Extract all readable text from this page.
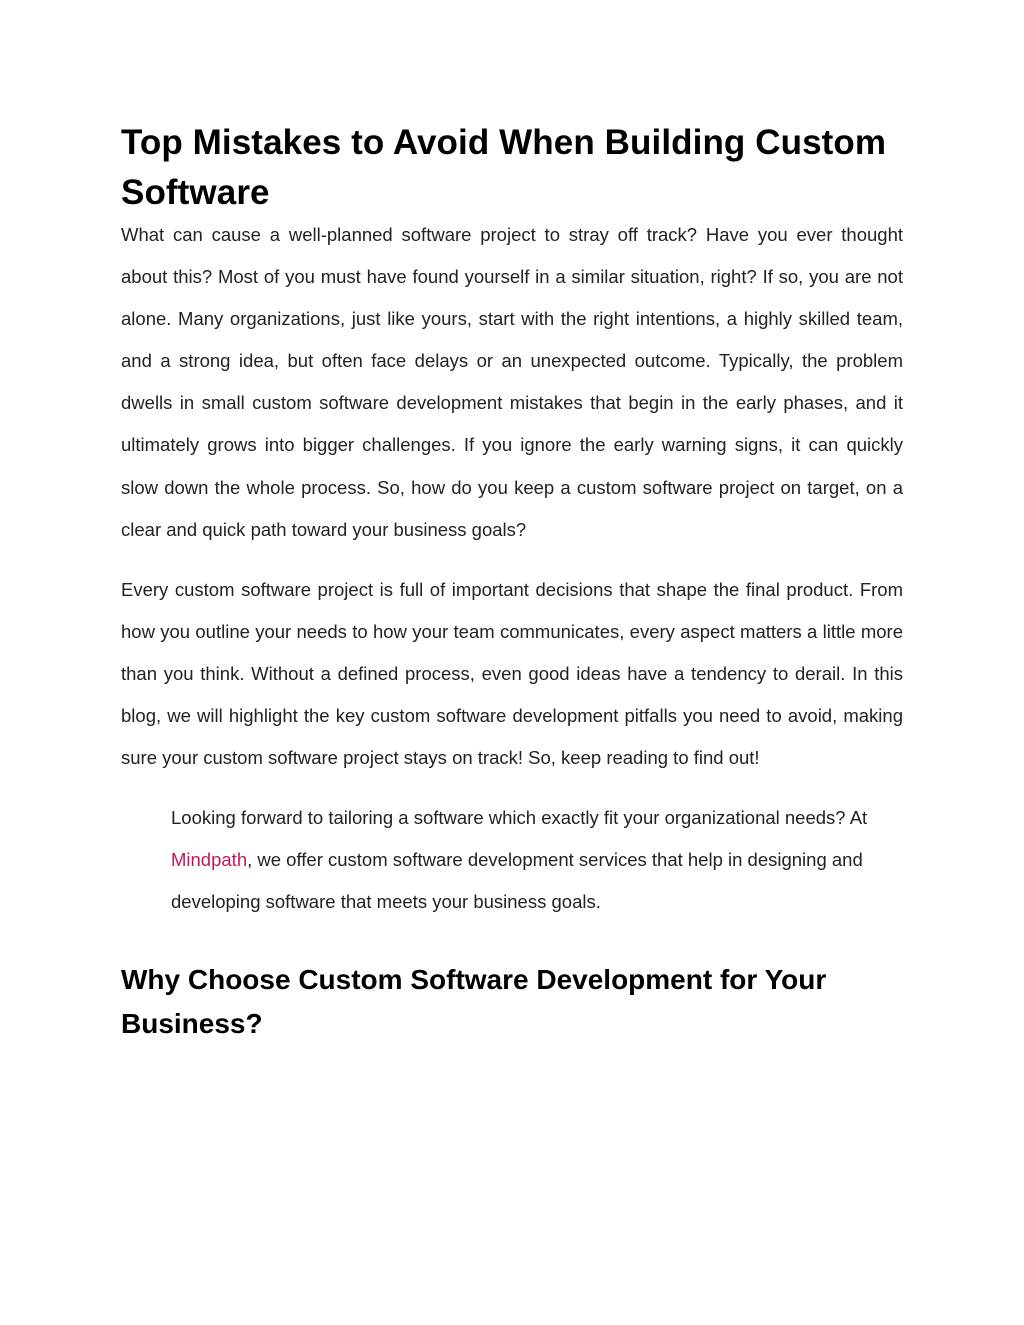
Top Mistakes to Avoid When Building Custom Software

What can cause a well-planned software project to stray off track? Have you ever thought about this? Most of you must have found yourself in a similar situation, right? If so, you are not alone. Many organizations, just like yours, start with the right intentions, a highly skilled team, and a strong idea, but often face delays or an unexpected outcome. Typically, the problem dwells in small custom software development mistakes that begin in the early phases, and it ultimately grows into bigger challenges. If you ignore the early warning signs, it can quickly slow down the whole process. So, how do you keep a custom software project on target, on a clear and quick path toward your business goals?

Every custom software project is full of important decisions that shape the final product. From how you outline your needs to how your team communicates, every aspect matters a little more than you think. Without a defined process, even good ideas have a tendency to derail. In this blog, we will highlight the key custom software development pitfalls you need to avoid, making sure your custom software project stays on track! So, keep reading to find out!

Looking forward to tailoring a software which exactly fit your organizational needs? At Mindpath, we offer custom software development services that help in designing and developing software that meets your business goals.
Why Choose Custom Software Development for Your Business?
